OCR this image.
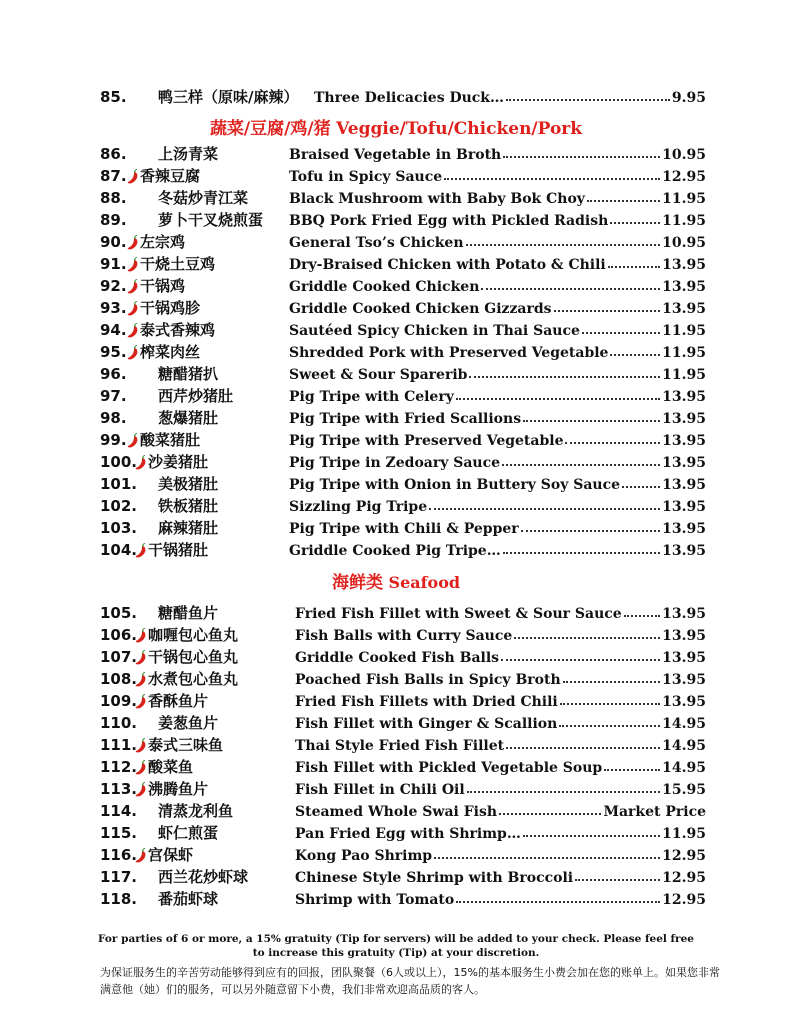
85. 鸭三样（原味/麻辣） Three Delicacies Duck…	9.95
86. 上汤青菜	Braised Vegetable in Broth	10.95
87. 香辣豆腐	Tofu in Spicy Sauce	12.95
88. 冬菇炒青江菜	Black Mushroom with Baby Bok Choy	11.95
89. 萝卜干叉烧煎蛋 BBQ Pork Fried Egg with Pickled Radish	11.95
90. 左宗鸡	General Tso’s Chicken	10.95
91. 干烧土豆鸡	Dry-Braised Chicken with Potato & Chili	13.95
92. 干锅鸡	Griddle Cooked Chicken	13.95
93. 干锅鸡胗	Griddle Cooked Chicken Gizzards	13.95
94. 泰式香辣鸡	Sautéed Spicy Chicken in Thai Sauce	11.95
95. 榨菜肉丝	Shredded Pork with Preserved Vegetable	11.95
96. 糖醋猪扒	Sweet & Sour Sparerib	11.95
97. 西芹炒猪肚	Pig Tripe with Celery	13.95
98. 葱爆猪肚	Pig Tripe with Fried Scallions	13.95
99. 酸菜猪肚	Pig Tripe with Preserved Vegetable	13.95
100. 沙姜猪肚	Pig Tripe in Zedoary Sauce	13.95
101. 美极猪肚	Pig Tripe with Onion in Buttery Soy Sauce	13.95
102. 铁板猪肚	Sizzling Pig Tripe	13.95
103. 麻辣猪肚	Pig Tripe with Chili & Pepper	13.95
104. 干锅猪肚	Griddle Cooked Pig Tripe…	13.95
105. 糖醋鱼片	Fried Fish Fillet with Sweet & Sour Sauce	13.95
106. 咖喱包心鱼丸	Fish Balls with Curry Sauce	13.95
107. 干锅包心鱼丸	Griddle Cooked Fish Balls	13.95
108. 水煮包心鱼丸	Poached Fish Balls in Spicy Broth	13.95
109. 香酥鱼片	Fried Fish Fillets with Dried Chili	13.95
110. 姜葱鱼片	Fish Fillet with Ginger & Scallion	14.95
111. 泰式三味鱼	Thai Style Fried Fish Fillet	14.95
112. 酸菜鱼	Fish Fillet with Pickled Vegetable Soup	14.95
113. 沸腾鱼片	Fish Fillet in Chili Oil	15.95
114. 清蒸龙利鱼	Steamed Whole Swai Fish	Market Price
115. 虾仁煎蛋	Pan Fried Egg with Shrimp…	11.95
116. 宫保虾	Kong Pao Shrimp	12.95
117. 西兰花炒虾球	Chinese Style Shrimp with Broccoli	12.95
118. 番茄虾球	Shrimp with Tomato	12.95
蔬菜/豆腐/鸡/猪 Veggie/Tofu/Chicken/Pork
海鲜类 Seafood
For parties of 6 or more, a 15% gratuity (Tip for servers) will be added to your check. Please feel free to increase this gratuity (Tip) at your discretion.
为保证服务生的辛苦劳动能够得到应有的回报，团队聚餐（6人或以上），15%的基本服务生小费会加在您的账单上。如果您非常满意他（她）们的服务，可以另外随意留下小费，我们非常欢迎高品质的客人。
